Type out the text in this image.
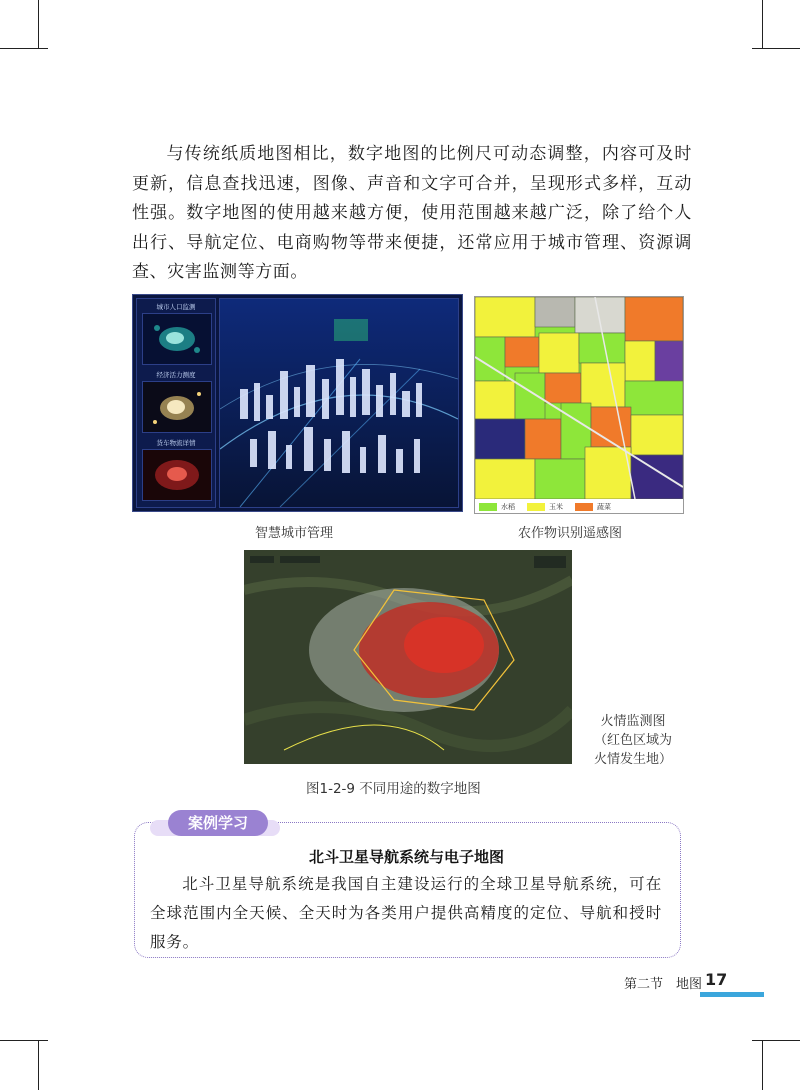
与传统纸质地图相比，数字地图的比例尺可动态调整，内容可及时更新，信息查找迅速，图像、声音和文字可合并，呈现形式多样，互动性强。数字地图的使用越来越方便，使用范围越来越广泛，除了给个人出行、导航定位、电商购物等带来便捷，还常应用于城市管理、资源调查、灾害监测等方面。
城市人口监测
经济活力测度
货车物流详情
智慧城市管理
水稻	玉米	蔬菜
农作物识别遥感图
火情监测图
（红色区域为
火情发生地）
图1-2-9 不同用途的数字地图
案例学习
北斗卫星导航系统与电子地图
北斗卫星导航系统是我国自主建设运行的全球卫星导航系统，可在全球范围内全天候、全天时为各类用户提供高精度的定位、导航和授时服务。
第二节　地图 17
